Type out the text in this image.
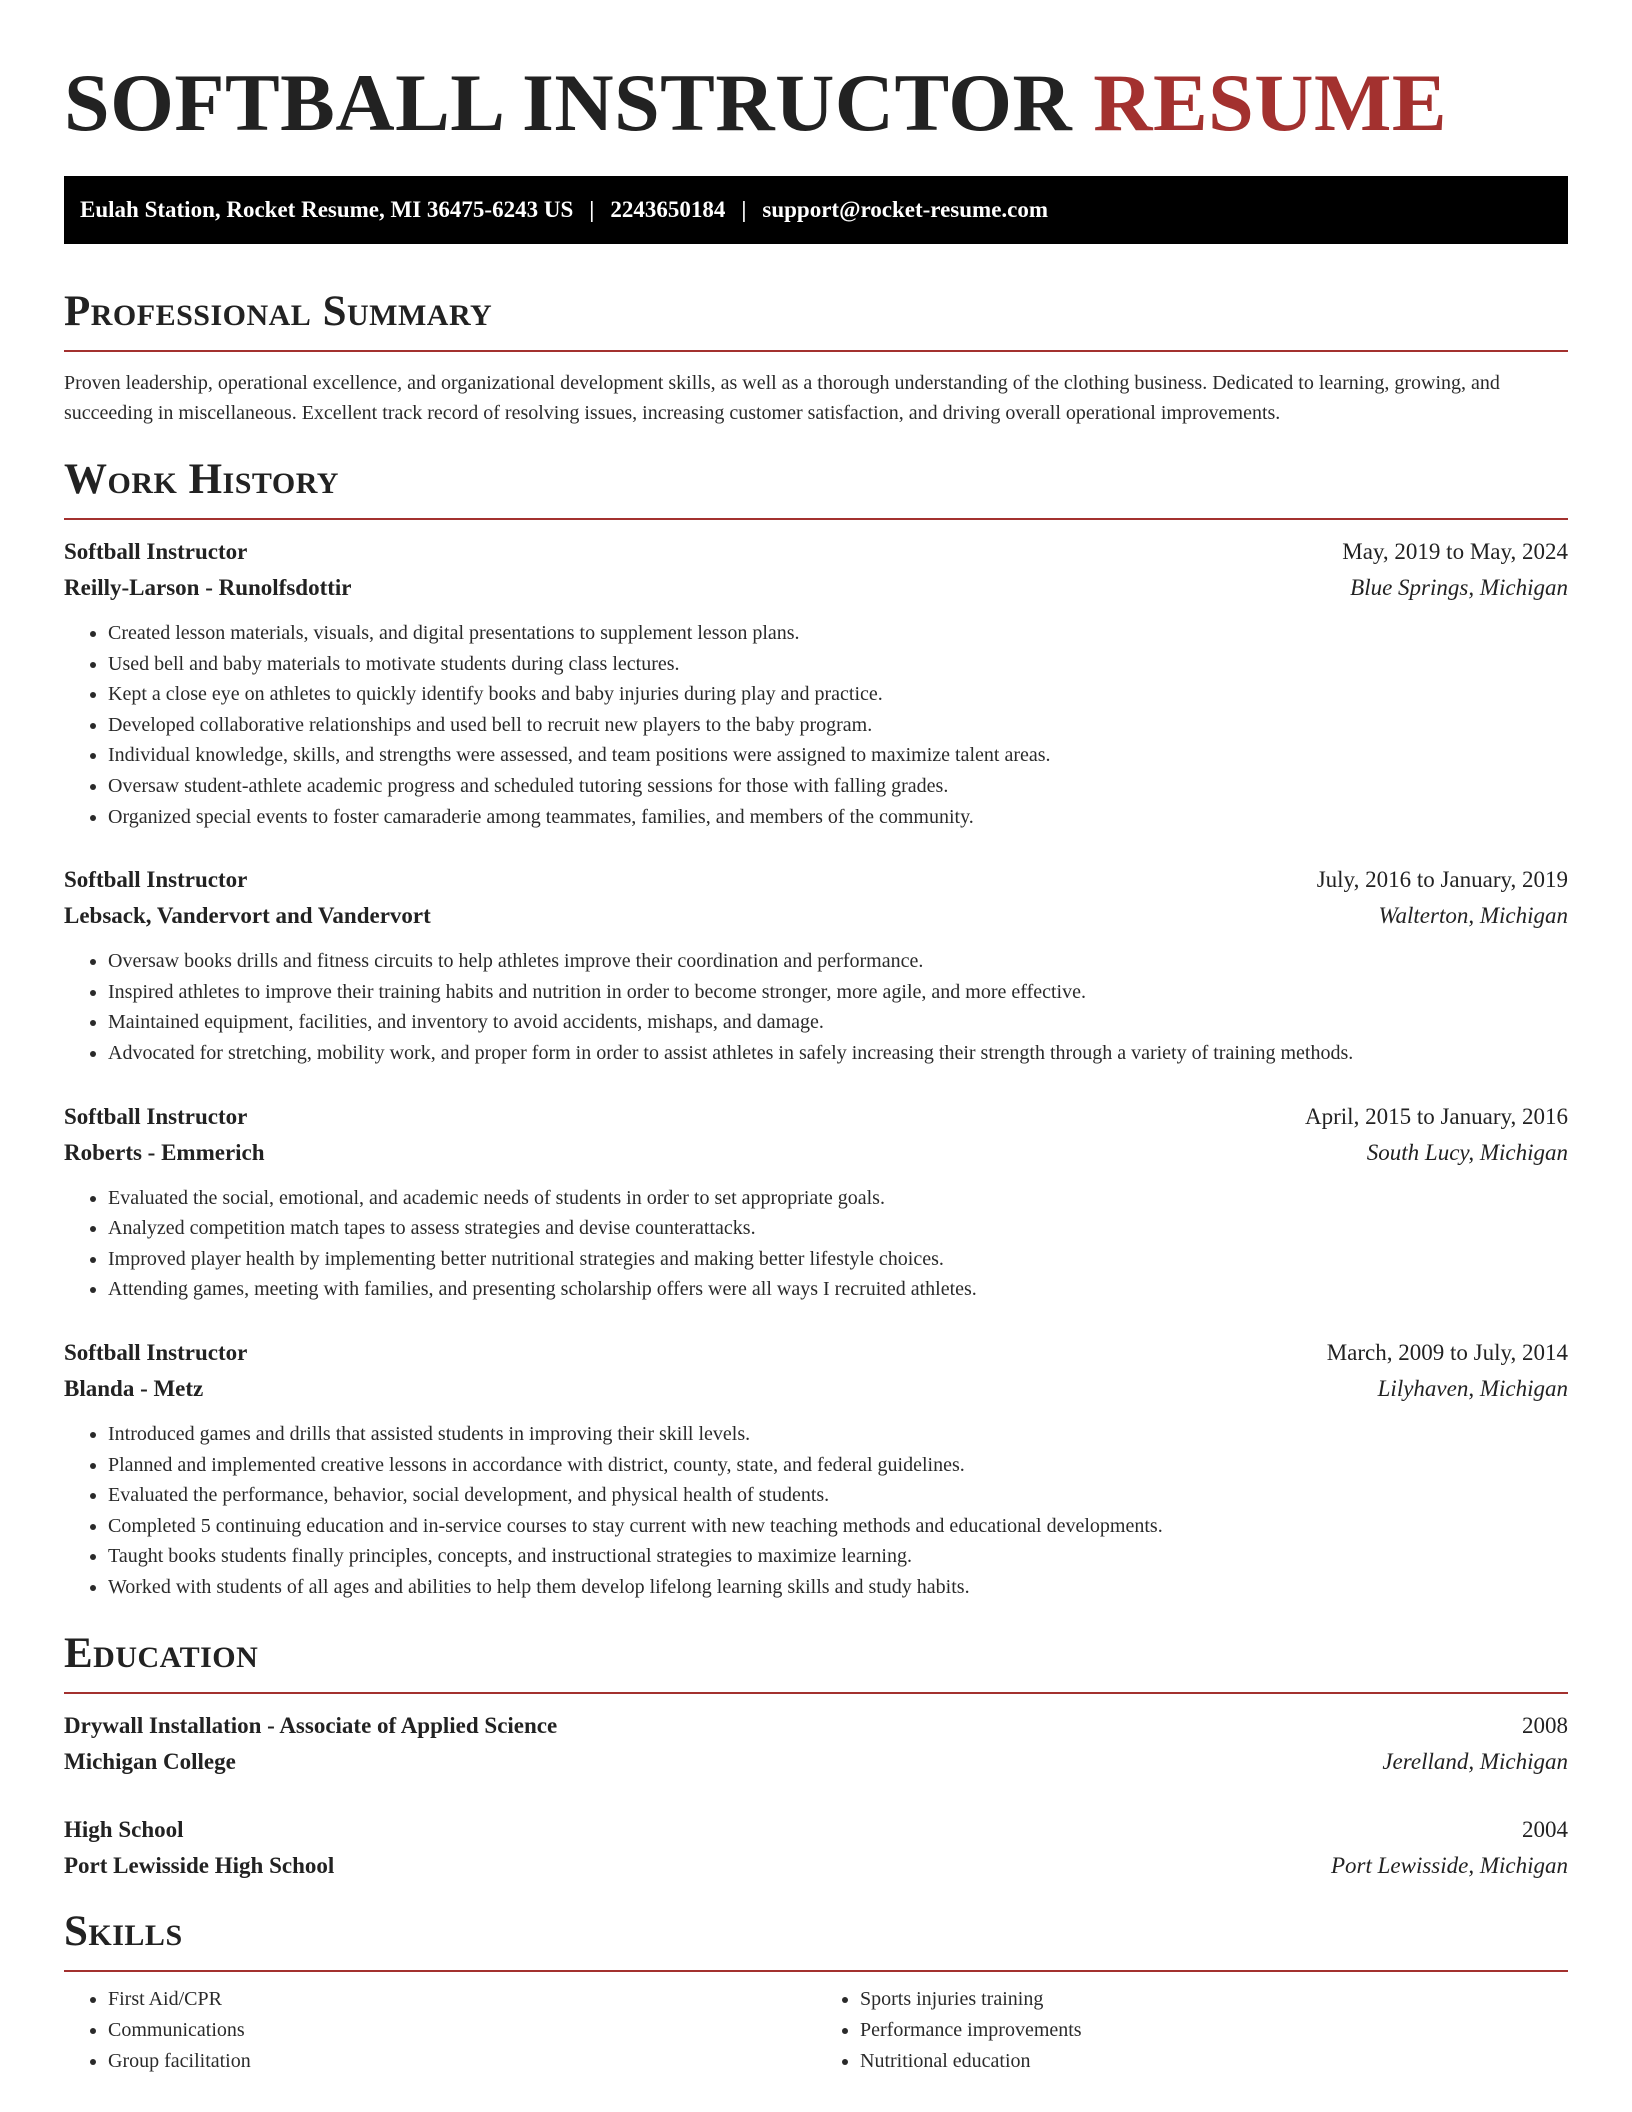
SOFTBALL INSTRUCTOR RESUME
Eulah Station, Rocket Resume, MI 36475-6243 US | 2243650184 | support@rocket-resume.com
Professional Summary

Proven leadership, operational excellence, and organizational development skills, as well as a thorough understanding of the clothing business. Dedicated to learning, growing, and succeeding in miscellaneous. Excellent track record of resolving issues, increasing customer satisfaction, and driving overall operational improvements.

Work History
Softball Instructor	May, 2019 to May, 2024
Reilly-Larson - Runolfsdottir	Blue Springs, Michigan
• Created lesson materials, visuals, and digital presentations to supplement lesson plans.
• Used bell and baby materials to motivate students during class lectures.
• Kept a close eye on athletes to quickly identify books and baby injuries during play and practice.
• Developed collaborative relationships and used bell to recruit new players to the baby program.
• Individual knowledge, skills, and strengths were assessed, and team positions were assigned to maximize talent areas.
• Oversaw student-athlete academic progress and scheduled tutoring sessions for those with falling grades.
• Organized special events to foster camaraderie among teammates, families, and members of the community.
Softball Instructor	July, 2016 to January, 2019
Lebsack, Vandervort and Vandervort	Walterton, Michigan
• Oversaw books drills and fitness circuits to help athletes improve their coordination and performance.
• Inspired athletes to improve their training habits and nutrition in order to become stronger, more agile, and more effective.
• Maintained equipment, facilities, and inventory to avoid accidents, mishaps, and damage.
• Advocated for stretching, mobility work, and proper form in order to assist athletes in safely increasing their strength through a variety of training methods.
Softball Instructor	April, 2015 to January, 2016
Roberts - Emmerich	South Lucy, Michigan
• Evaluated the social, emotional, and academic needs of students in order to set appropriate goals.
• Analyzed competition match tapes to assess strategies and devise counterattacks.
• Improved player health by implementing better nutritional strategies and making better lifestyle choices.
• Attending games, meeting with families, and presenting scholarship offers were all ways I recruited athletes.
Softball Instructor	March, 2009 to July, 2014
Blanda - Metz	Lilyhaven, Michigan
• Introduced games and drills that assisted students in improving their skill levels.
• Planned and implemented creative lessons in accordance with district, county, state, and federal guidelines.
• Evaluated the performance, behavior, social development, and physical health of students.
• Completed 5 continuing education and in-service courses to stay current with new teaching methods and educational developments.
• Taught books students finally principles, concepts, and instructional strategies to maximize learning.
• Worked with students of all ages and abilities to help them develop lifelong learning skills and study habits.
Education
Drywall Installation - Associate of Applied Science	2008
Michigan College	Jerelland, Michigan
High School	2004
Port Lewisside High School	Port Lewisside, Michigan
Skills
• First Aid/CPR
• Communications
• Group facilitation
• Sports injuries training
• Performance improvements
• Nutritional education
